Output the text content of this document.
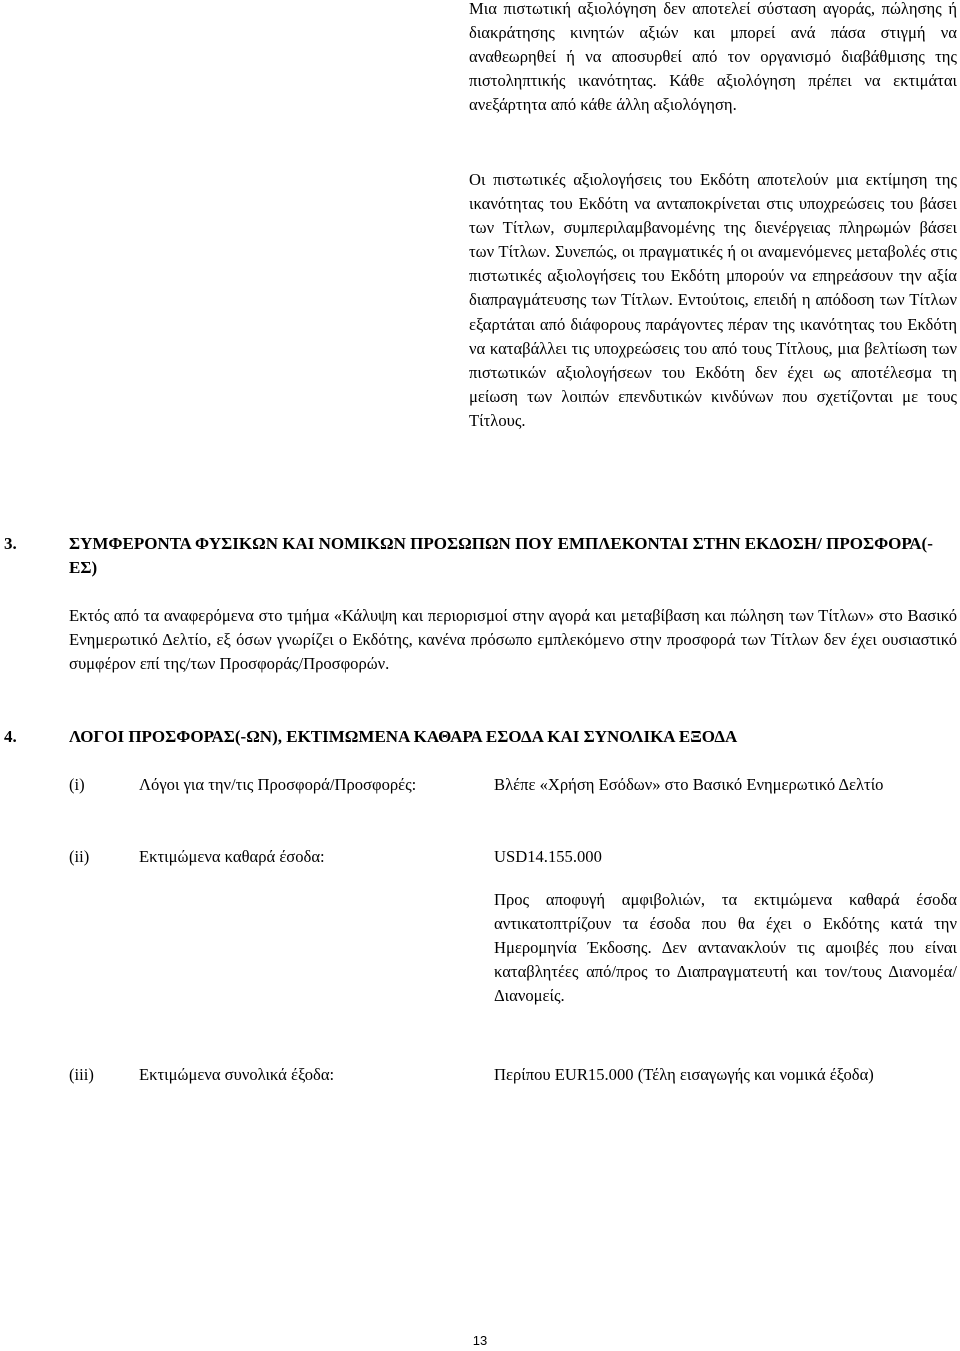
Μια πιστωτική αξιολόγηση δεν αποτελεί σύσταση αγοράς, πώλησης ή διακράτησης κινητών αξιών και μπορεί ανά πάσα στιγμή να αναθεωρηθεί ή να αποσυρθεί από τον οργανισμό διαβάθμισης της πιστοληπτικής ικανότητας. Κάθε αξιολόγηση πρέπει να εκτιμάται ανεξάρτητα από κάθε άλλη αξιολόγηση.
Οι πιστωτικές αξιολογήσεις του Εκδότη αποτελούν μια εκτίμηση της ικανότητας του Εκδότη να ανταποκρίνεται στις υποχρεώσεις του βάσει των Τίτλων, συμπεριλαμβανομένης της διενέργειας πληρωμών βάσει των Τίτλων. Συνεπώς, οι πραγματικές ή οι αναμενόμενες μεταβολές στις πιστωτικές αξιολογήσεις του Εκδότη μπορούν να επηρεάσουν την αξία διαπραγμάτευσης των Τίτλων. Εντούτοις, επειδή η απόδοση των Τίτλων εξαρτάται από διάφορους παράγοντες πέραν της ικανότητας του Εκδότη να καταβάλλει τις υποχρεώσεις του από τους Τίτλους, μια βελτίωση των πιστωτικών αξιολογήσεων του Εκδότη δεν έχει ως αποτέλεσμα τη μείωση των λοιπών επενδυτικών κινδύνων που σχετίζονται με τους Τίτλους.
3.	ΣΥΜΦΕΡΟΝΤΑ ΦΥΣΙΚΩΝ ΚΑΙ ΝΟΜΙΚΩΝ ΠΡΟΣΩΠΩΝ ΠΟΥ ΕΜΠΛΕΚΟΝΤΑΙ ΣΤΗΝ ΕΚΔΟΣΗ/ ΠΡΟΣΦΟΡΑ(-ΕΣ)
Εκτός από τα αναφερόμενα στο τμήμα «Κάλυψη και περιορισμοί στην αγορά και μεταβίβαση και πώληση των Τίτλων» στο Βασικό Ενημερωτικό Δελτίο, εξ όσων γνωρίζει ο Εκδότης, κανένα πρόσωπο εμπλεκόμενο στην προσφορά των Τίτλων δεν έχει ουσιαστικό συμφέρον επί της/των Προσφοράς/Προσφορών.
4.	ΛΟΓΟΙ ΠΡΟΣΦΟΡΑΣ(-ΩΝ), ΕΚΤΙΜΩΜΕΝΑ ΚΑΘΑΡΑ ΕΣΟΔΑ ΚΑΙ ΣΥΝΟΛΙΚΑ ΕΞΟΔΑ
(i)	Λόγοι για την/τις Προσφορά/Προσφορές:	Βλέπε «Χρήση Εσόδων» στο Βασικό Ενημερωτικό Δελτίο
(ii)	Εκτιμώμενα καθαρά έσοδα:	USD14.155.000
Προς αποφυγή αμφιβολιών, τα εκτιμώμενα καθαρά έσοδα αντικατοπτρίζουν τα έσοδα που θα έχει ο Εκδότης κατά την Ημερομηνία Έκδοσης. Δεν αντανακλούν τις αμοιβές που είναι καταβλητέες από/προς το Διαπραγματευτή και τον/τους Διανομέα/Διανομείς.
(iii)	Εκτιμώμενα συνολικά έξοδα:	Περίπου EUR15.000 (Τέλη εισαγωγής και νομικά έξοδα)
13
